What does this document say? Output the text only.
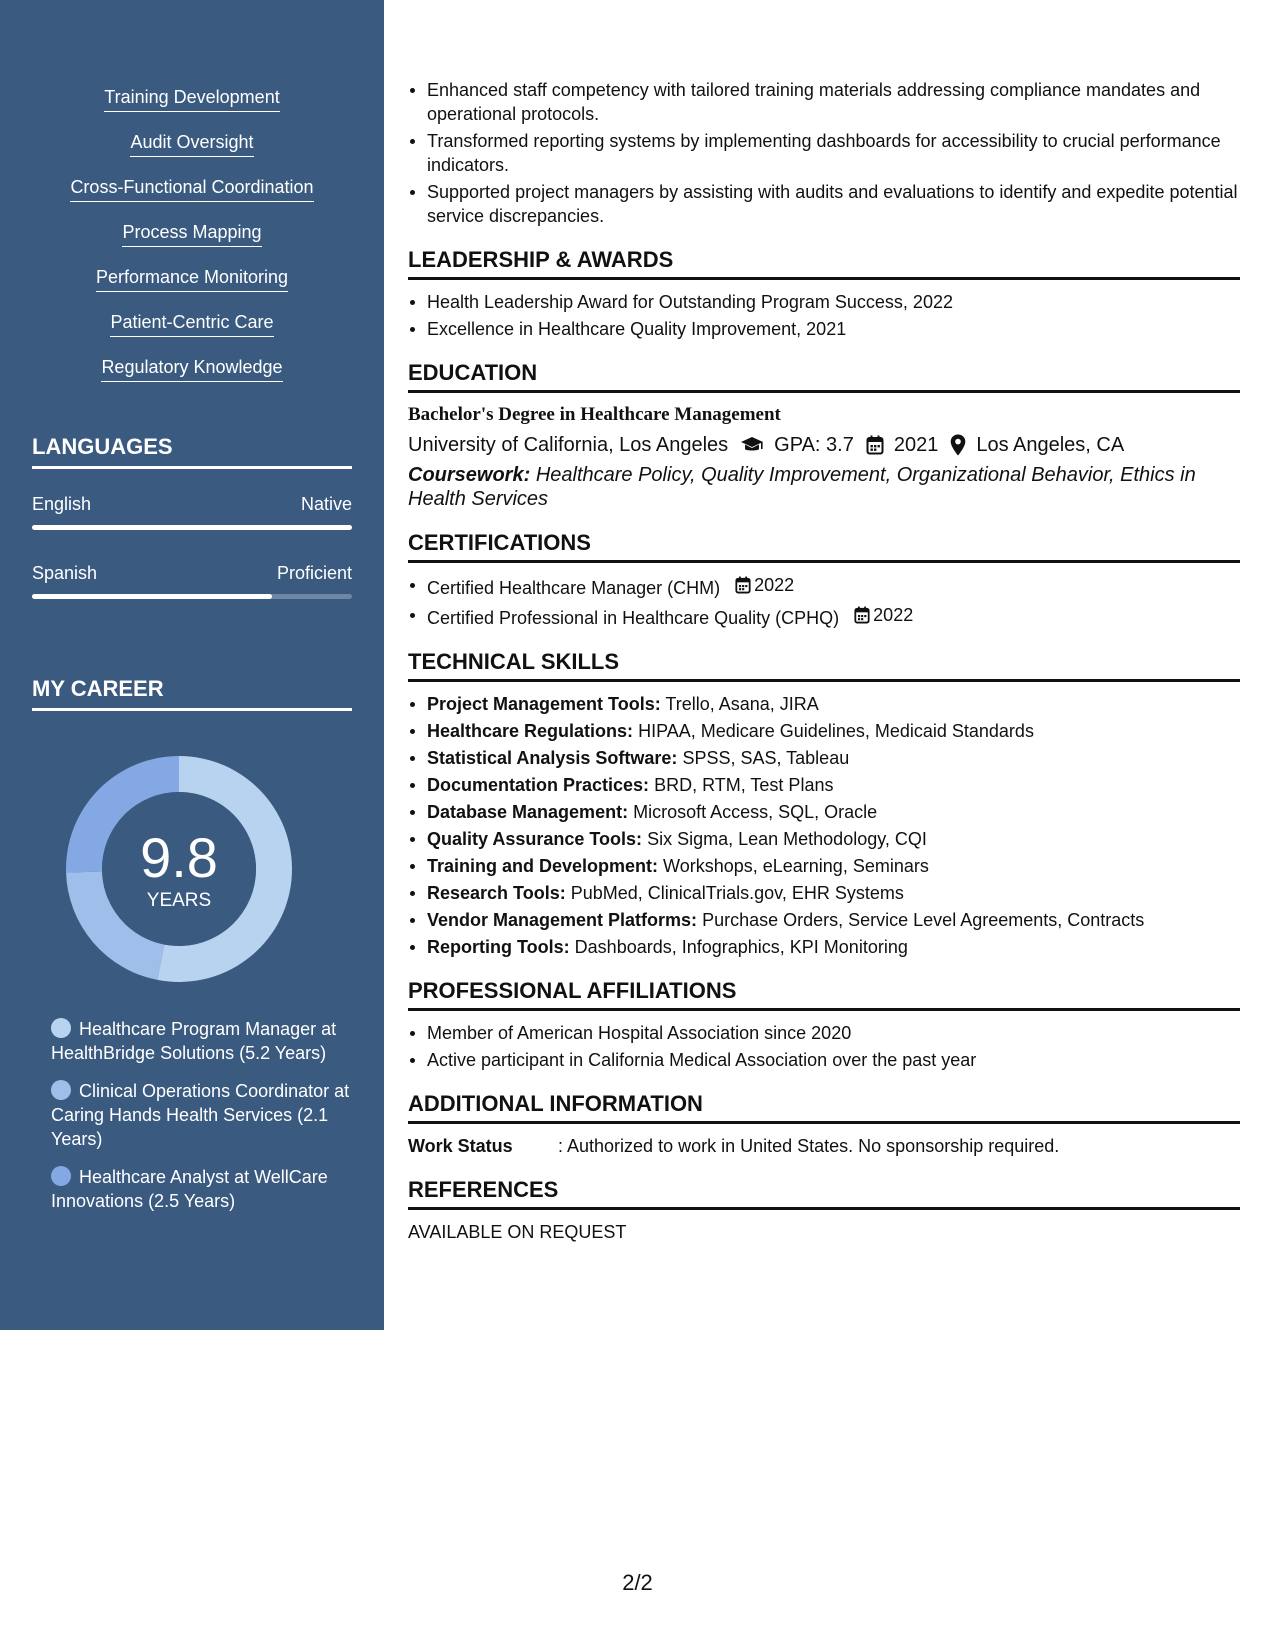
Training Development
Audit Oversight
Cross-Functional Coordination
Process Mapping
Performance Monitoring
Patient-Centric Care
Regulatory Knowledge
LANGUAGES
English	Native
Spanish	Proficient
MY CAREER
9.8
YEARS
Healthcare Program Manager at HealthBridge Solutions (5.2 Years)
Clinical Operations Coordinator at Caring Hands Health Services (2.1 Years)
Healthcare Analyst at WellCare Innovations (2.5 Years)
Enhanced staff competency with tailored training materials addressing compliance mandates and operational protocols.
Transformed reporting systems by implementing dashboards for accessibility to crucial performance indicators.
Supported project managers by assisting with audits and evaluations to identify and expedite potential service discrepancies.
LEADERSHIP & AWARDS
Health Leadership Award for Outstanding Program Success, 2022
Excellence in Healthcare Quality Improvement, 2021
EDUCATION
Bachelor's Degree in Healthcare Management
University of California, Los Angeles GPA: 3.7 2021 Los Angeles, CA
Coursework: Healthcare Policy, Quality Improvement, Organizational Behavior, Ethics in Health Services
CERTIFICATIONS
Certified Healthcare Manager (CHM) 2022
Certified Professional in Healthcare Quality (CPHQ) 2022
TECHNICAL SKILLS
Project Management Tools: Trello, Asana, JIRA
Healthcare Regulations: HIPAA, Medicare Guidelines, Medicaid Standards
Statistical Analysis Software: SPSS, SAS, Tableau
Documentation Practices: BRD, RTM, Test Plans
Database Management: Microsoft Access, SQL, Oracle
Quality Assurance Tools: Six Sigma, Lean Methodology, CQI
Training and Development: Workshops, eLearning, Seminars
Research Tools: PubMed, ClinicalTrials.gov, EHR Systems
Vendor Management Platforms: Purchase Orders, Service Level Agreements, Contracts
Reporting Tools: Dashboards, Infographics, KPI Monitoring
PROFESSIONAL AFFILIATIONS
Member of American Hospital Association since 2020
Active participant in California Medical Association over the past year
ADDITIONAL INFORMATION
Work Status	: Authorized to work in United States. No sponsorship required.
REFERENCES
AVAILABLE ON REQUEST
2/2
